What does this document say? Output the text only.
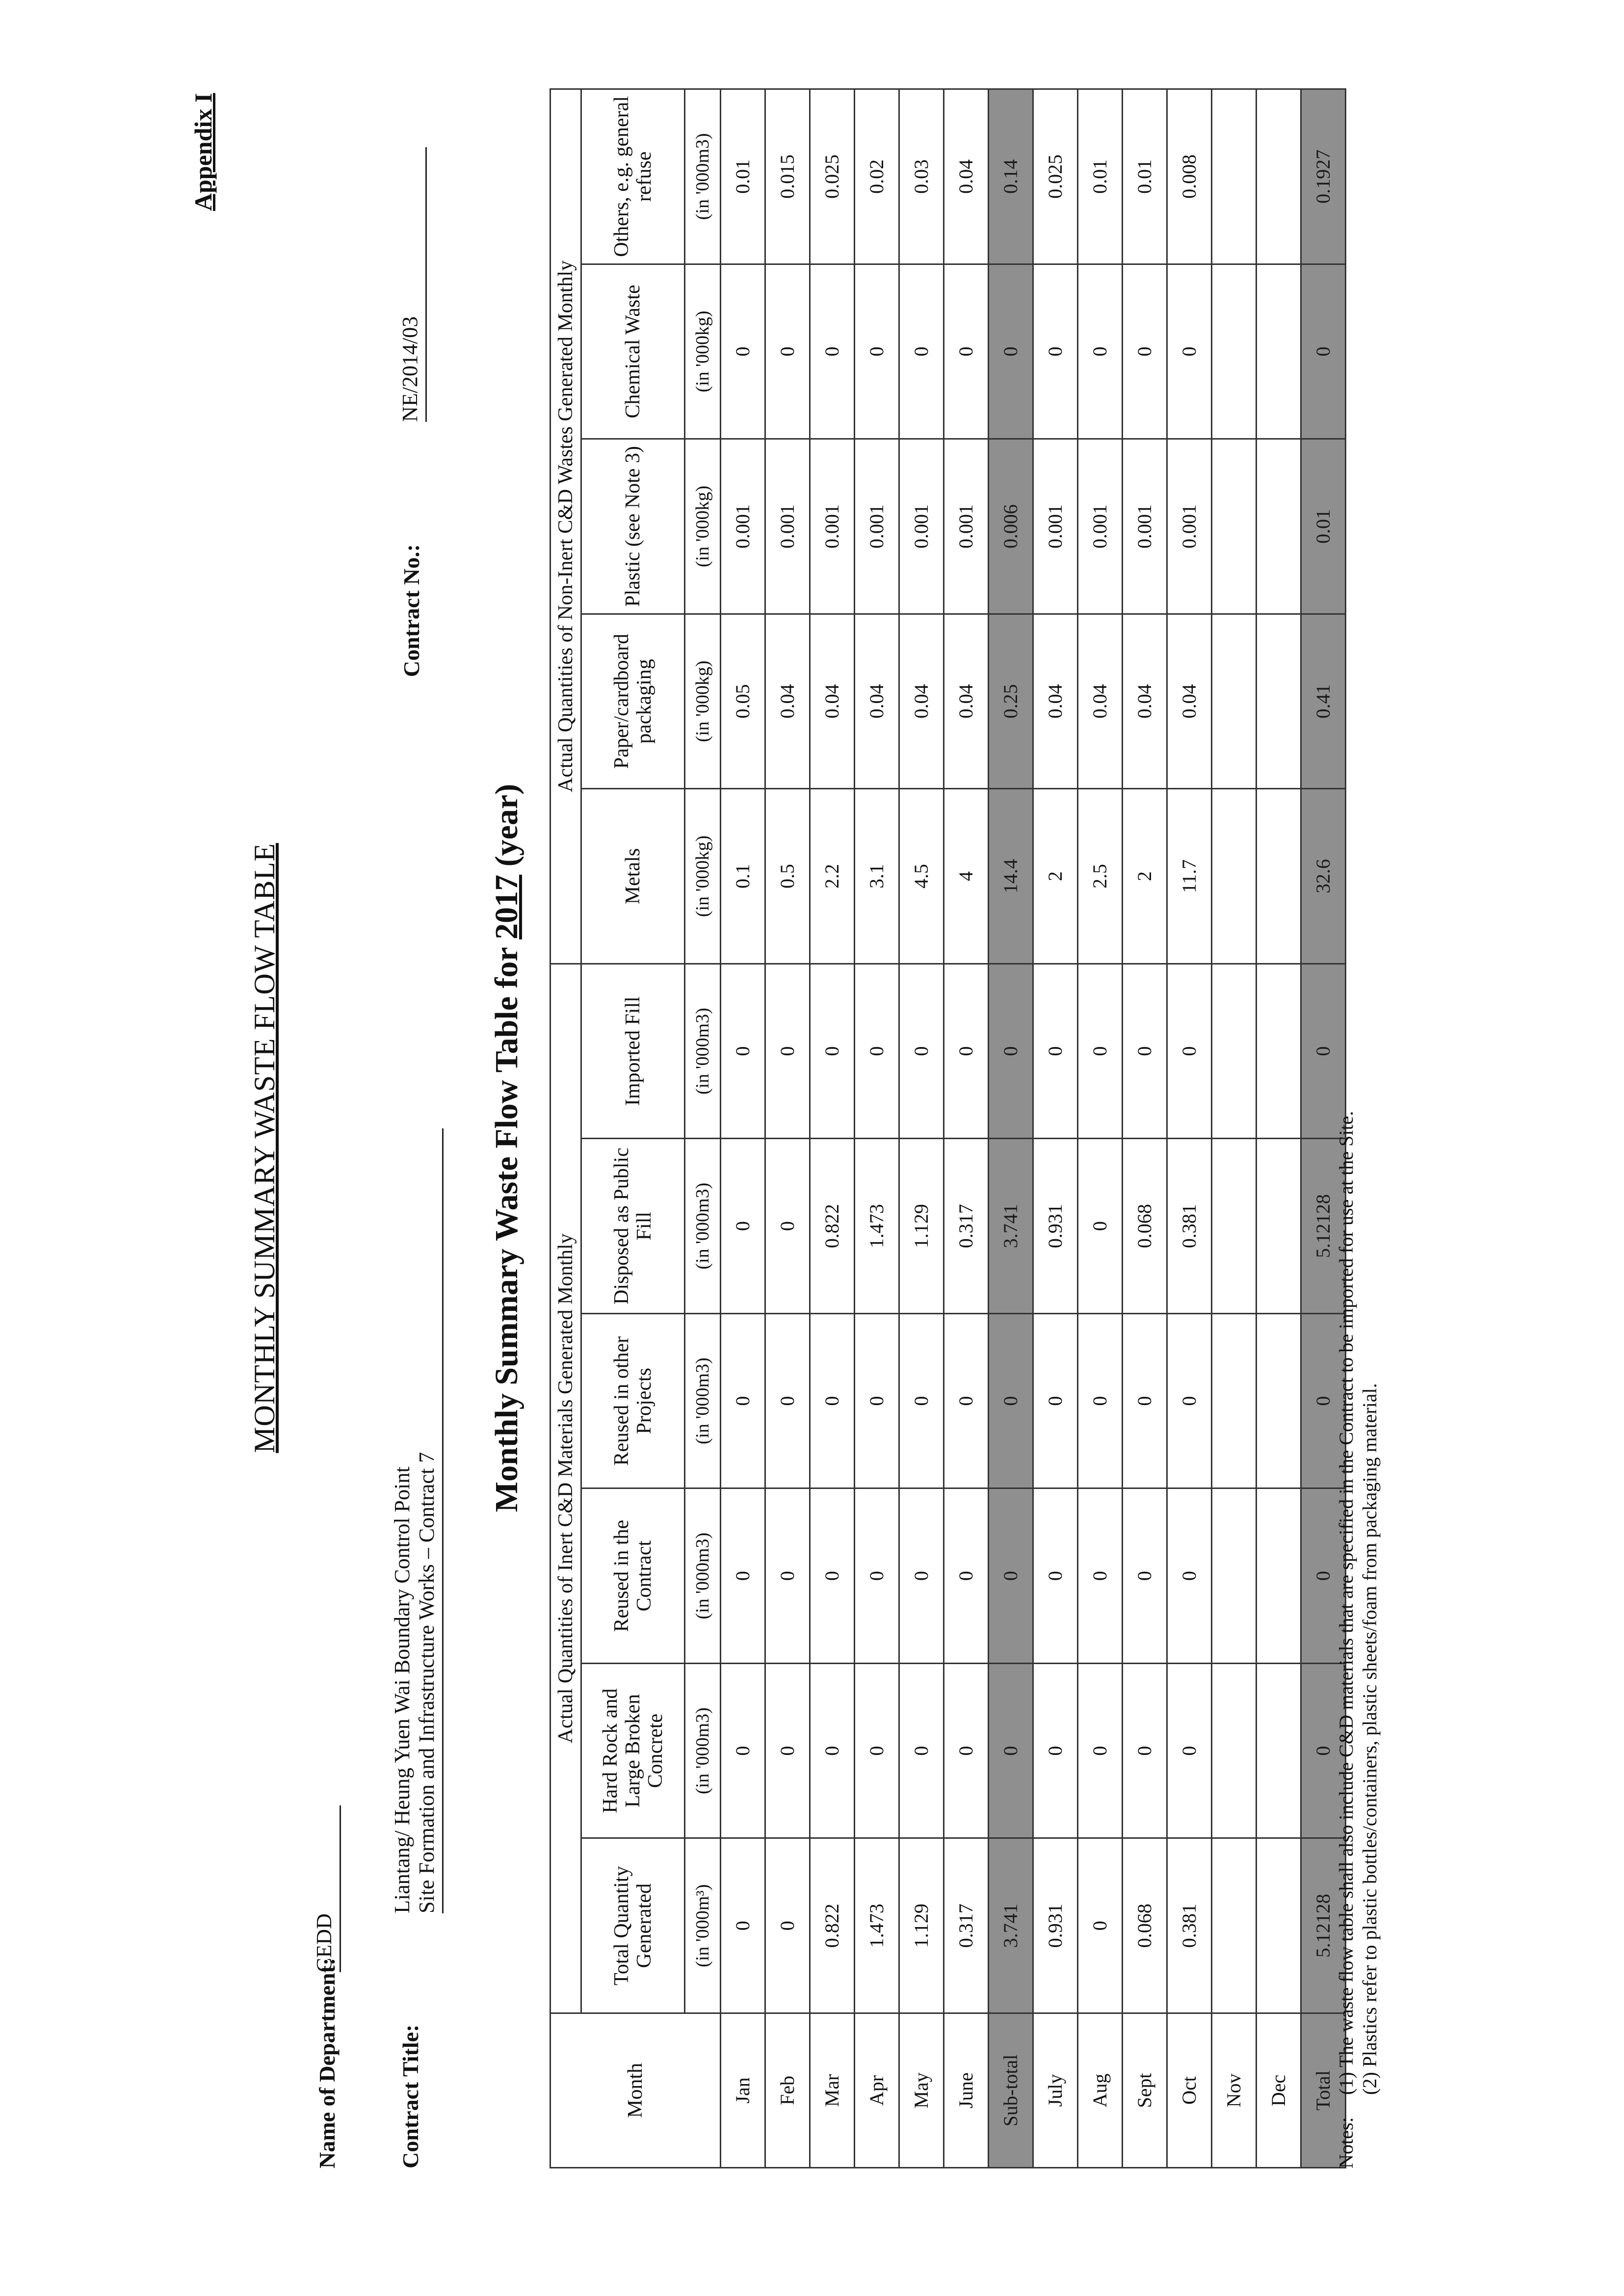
Appendix I
MONTHLY SUMMARY WASTE FLOW TABLE
Name of Department:
CEDD
Contract Title:
Liantang/ Heung Yuen Wai Boundary Control Point Site Formation and Infrastructure Works – Contract 7
Contract No.:
NE/2014/03
Monthly Summary Waste Flow Table for 2017 (year)
Month	Actual Quantities of Inert C&D Materials Generated Monthly						Actual Quantities of Non-Inert C&D Wastes Generated Monthly				
	Total Quantity Generated	Hard Rock and Large Broken Concrete	Reused in the Contract	Reused in other Projects	Disposed as Public Fill	Imported Fill	Metals	Paper/cardboard packaging	Plastic (see Note 3)	Chemical Waste	Others, e.g. general refuse
	(in '000m³)	(in '000m3)	(in '000m3)	(in '000m3)	(in '000m3)	(in '000m3)	(in '000kg)	(in '000kg)	(in '000kg)	(in '000kg)	(in '000m3)
Jan	0	0	0	0	0	0	0.1	0.05	0.001	0	0.01
Feb	0	0	0	0	0	0	0.5	0.04	0.001	0	0.015
Mar	0.822	0	0	0	0.822	0	2.2	0.04	0.001	0	0.025
Apr	1.473	0	0	0	1.473	0	3.1	0.04	0.001	0	0.02
May	1.129	0	0	0	1.129	0	4.5	0.04	0.001	0	0.03
June	0.317	0	0	0	0.317	0	4	0.04	0.001	0	0.04
Sub-total	3.741	0	0	0	3.741	0	14.4	0.25	0.006	0	0.14
July	0.931	0	0	0	0.931	0	2	0.04	0.001	0	0.025
Aug	0	0	0	0	0	0	2.5	0.04	0.001	0	0.01
Sept	0.068	0	0	0	0.068	0	2	0.04	0.001	0	0.01
Oct	0.381	0	0	0	0.381	0	11.7	0.04	0.001	0	0.008
Nov											
Dec											
Total	5.12128	0	0	0	5.12128	0	32.6	0.41	0.01	0	0.1927
Notes:
(1) The waste flow table shall also include C&D materials that are specified in the Contract to be imported for use at the Site. (2) Plastics refer to plastic bottles/containers, plastic sheets/foam from packaging material.
